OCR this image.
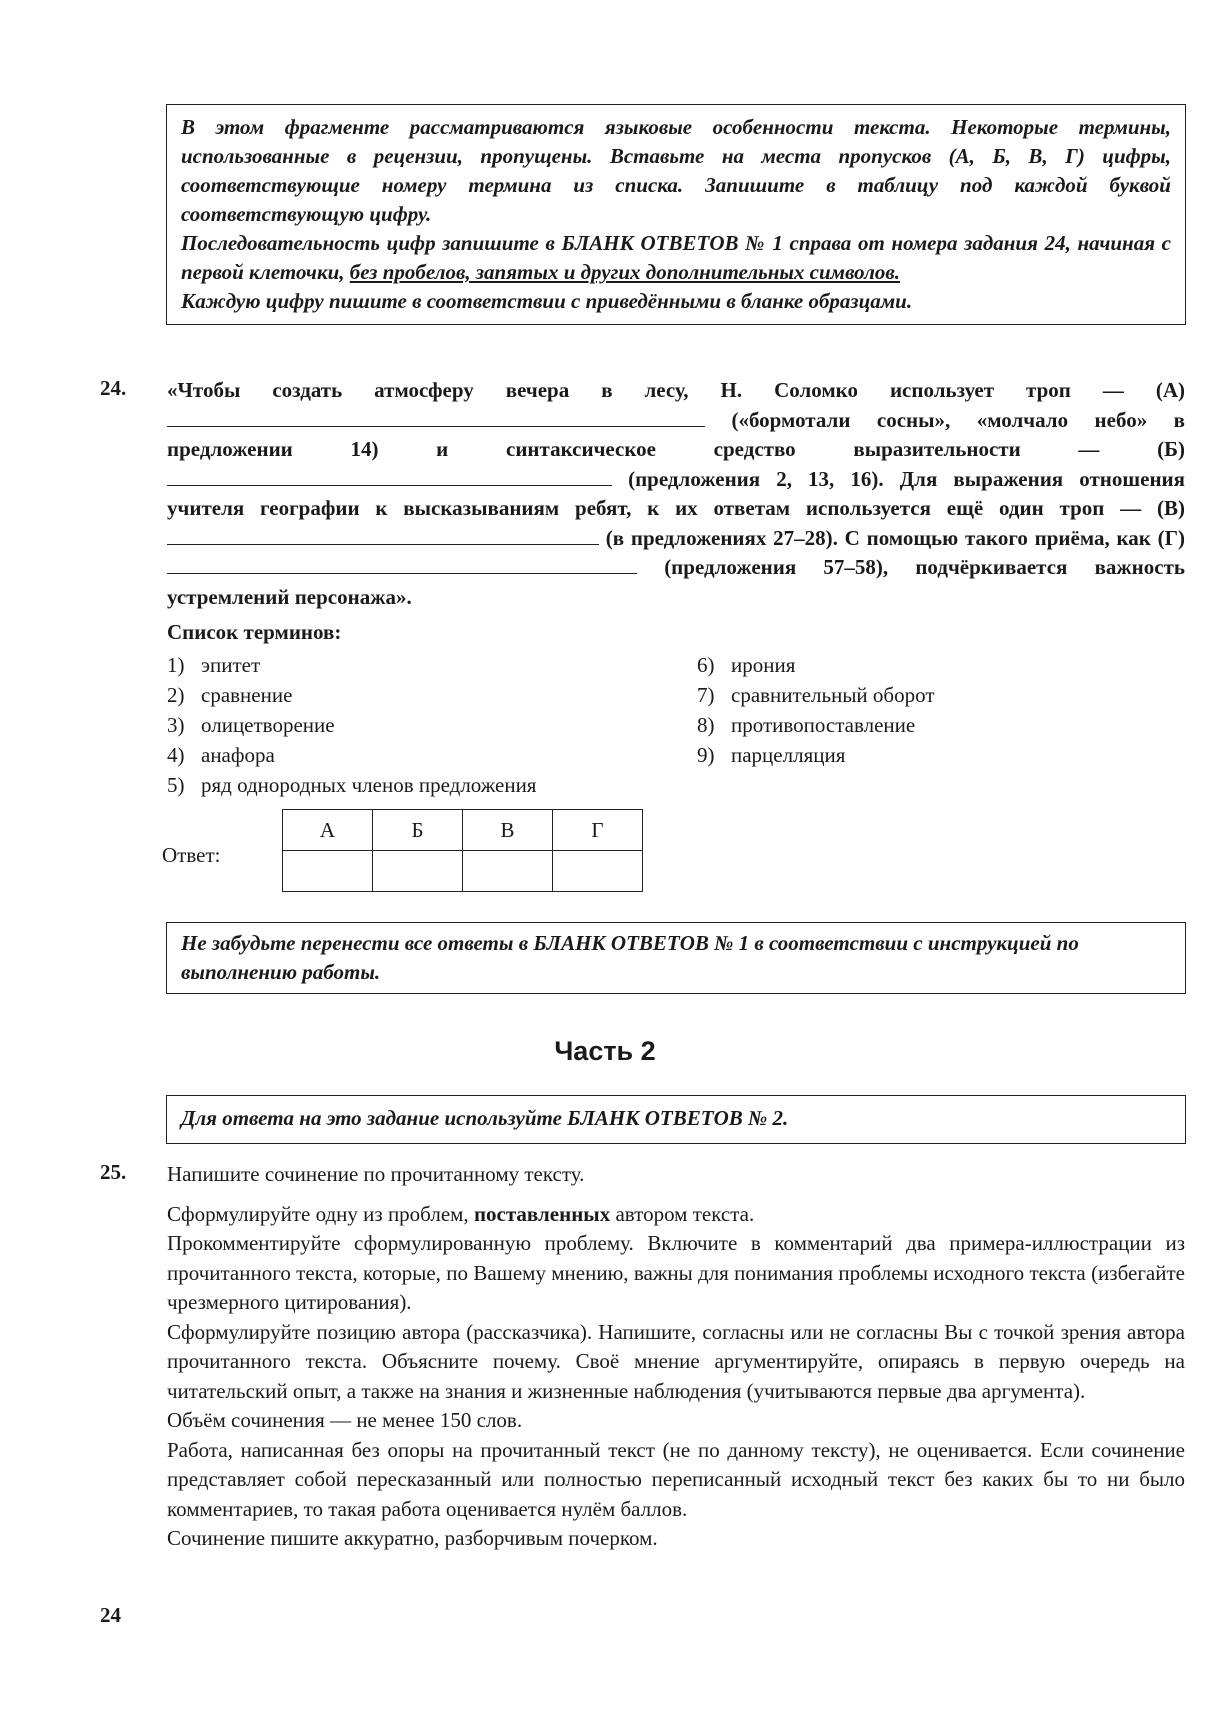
В этом фрагменте рассматриваются языковые особенности текста. Некоторые термины, использованные в рецензии, пропущены. Вставьте на места пропусков (А, Б, В, Г) цифры, соответствующие номеру термина из списка. Запишите в таблицу под каждой буквой соответствующую цифру.

Последовательность цифр запишите в БЛАНК ОТВЕТОВ № 1 справа от номера задания 24, начиная с первой клеточки, без пробелов, запятых и других дополнительных символов.

Каждую цифру пишите в соответствии с приведёнными в бланке образцами.

24. «Чтобы создать атмосферу вечера в лесу, Н. Соломко использует троп — (А)  («бормотали сосны», «молчало небо» в предложении 14) и синтаксическое средство выразительности — (Б)  (предложения 2, 13, 16). Для выражения отношения учителя географии к высказываниям ребят, к их ответам используется ещё один троп — (В)  (в предложениях 27–28). С помощью такого приёма, как (Г)  (предложения 57–58), подчёркивается важность устремлений персонажа».
Список терминов:
1) эпитет
2) сравнение
3) олицетворение
4) анафора
5) ряд однородных членов предложения
6) ирония
7) сравнительный оборот
8) противопоставление
9) парцелляция
Ответ:
А	Б	В	Г

Не забудьте перенести все ответы в БЛАНК ОТВЕТОВ № 1 в соответствии с инструкцией по выполнению работы.
Часть 2
Для ответа на это задание используйте БЛАНК ОТВЕТОВ № 2.
25. Напишите сочинение по прочитанному тексту.

Сформулируйте одну из проблем, поставленных автором текста.

Прокомментируйте сформулированную проблему. Включите в комментарий два примера-иллюстрации из прочитанного текста, которые, по Вашему мнению, важны для понимания проблемы исходного текста (избегайте чрезмерного цитирования).

Сформулируйте позицию автора (рассказчика). Напишите, согласны или не согласны Вы с точкой зрения автора прочитанного текста. Объясните почему. Своё мнение аргументируйте, опираясь в первую очередь на читательский опыт, а также на знания и жизненные наблюдения (учитываются первые два аргумента).

Объём сочинения — не менее 150 слов.

Работа, написанная без опоры на прочитанный текст (не по данному тексту), не оценивается. Если сочинение представляет собой пересказанный или полностью переписанный исходный текст без каких бы то ни было комментариев, то такая работа оценивается нулём баллов.

Сочинение пишите аккуратно, разборчивым почерком.

24
